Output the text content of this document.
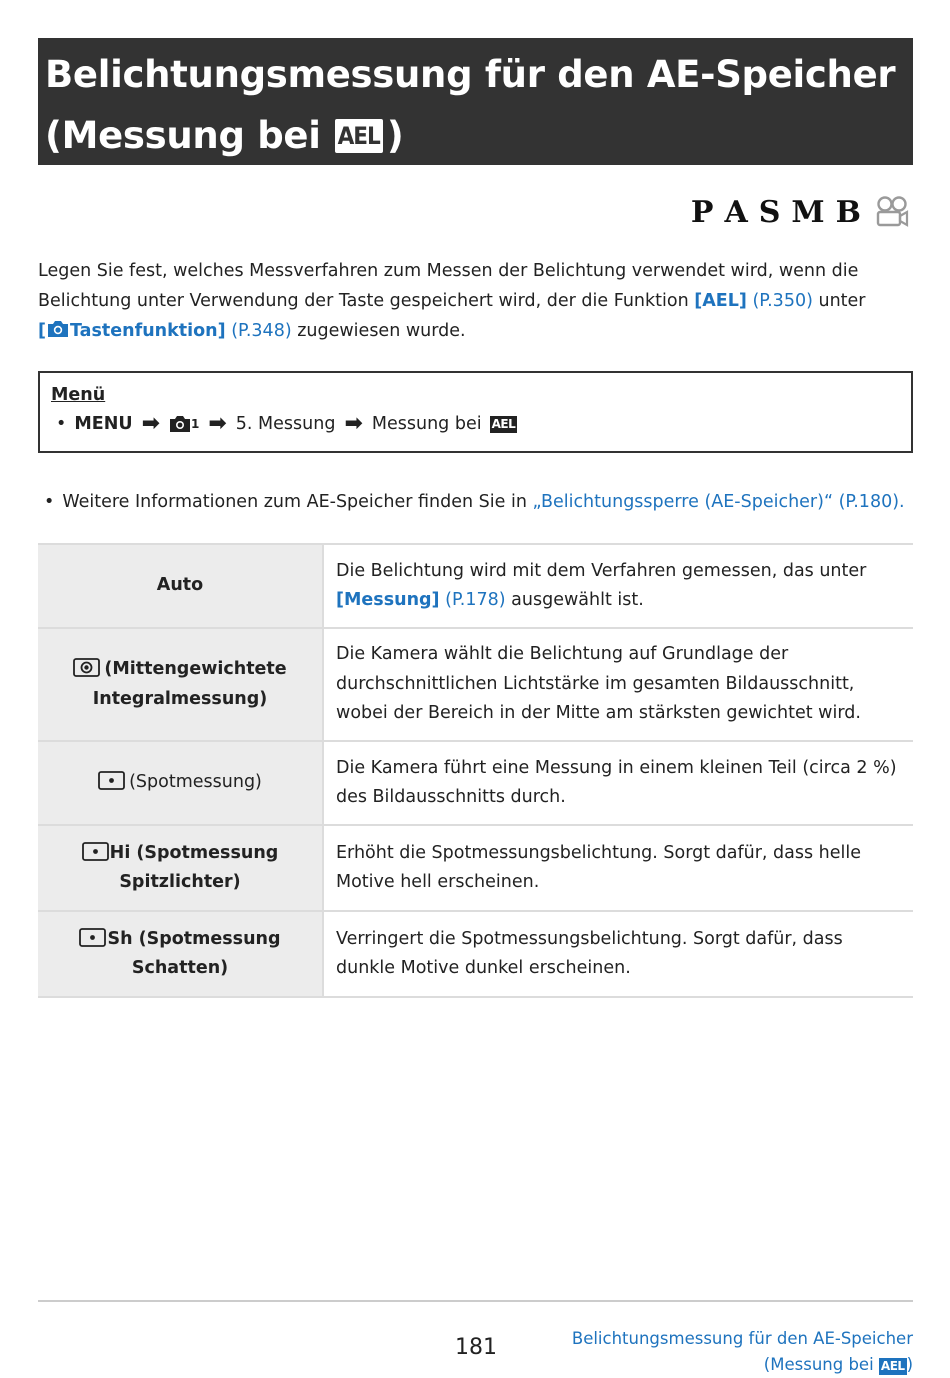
Belichtungsmessung für den AE-Speicher
(Messung bei AEL )
P A S M B
Legen Sie fest, welches Messverfahren zum Messen der Belichtung verwendet wird, wenn die Belichtung unter Verwendung der Taste gespeichert wird, der die Funktion [AEL] (P.350) unter
[ Tastenfunktion] (P.348) zugewiesen wurde.
Menü
• MENU ➡	1 ➡ 5. Messung ➡ Messung bei AEL
• Weitere Informationen zum AE-Speicher finden Sie in „Belichtungssperre (AE-Speicher)“ (P.180).
Auto	Die Belichtung wird mit dem Verfahren gemessen, das unter
[Messung] (P.178) ausgewählt ist.
(Mittengewichtete
Integralmessung)	Die Kamera wählt die Belichtung auf Grundlage der durchschnittlichen Lichtstärke im gesamten Bildausschnitt, wobei der Bereich in der Mitte am stärksten gewichtet wird.
(Spotmessung)	Die Kamera führt eine Messung in einem kleinen Teil (circa 2 %) des Bildausschnitts durch.
Hi (Spotmessung
Spitzlichter)	Erhöht die Spotmessungsbelichtung. Sorgt dafür, dass helle Motive hell erscheinen.
Sh (Spotmessung
Schatten)	Verringert die Spotmessungsbelichtung. Sorgt dafür, dass dunkle Motive dunkel erscheinen.
181	Belichtungsmessung für den AE-Speicher
(Messung bei AEL )
